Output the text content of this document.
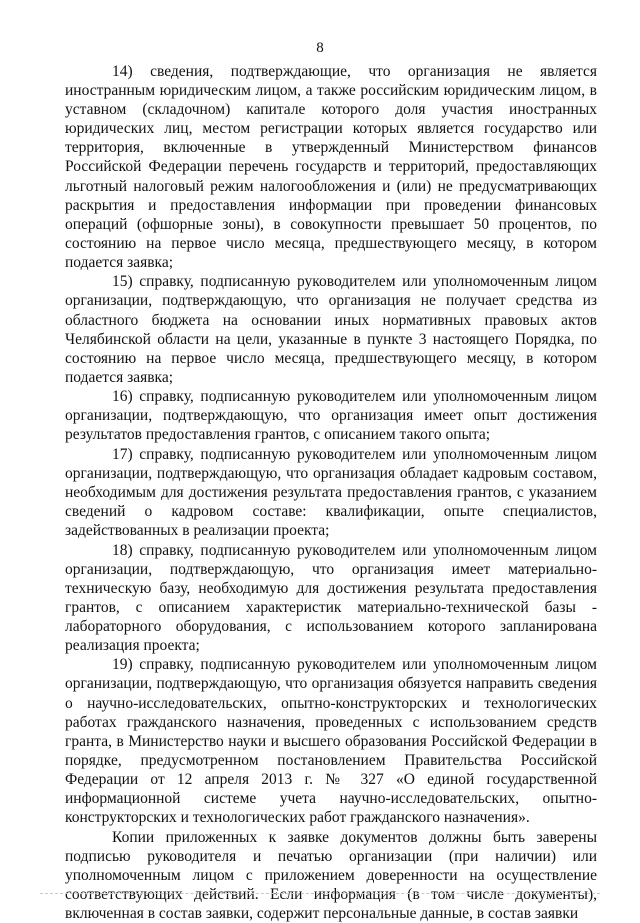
8

14) сведения, подтверждающие, что организация не является иностранным юридическим лицом, а также российским юридическим лицом, в уставном (складочном) капитале которого доля участия иностранных юридических лиц, местом регистрации которых является государство или территория, включенные в утвержденный Министерством финансов Российской Федерации перечень государств и территорий, предоставляющих льготный налоговый режим налогообложения и (или) не предусматривающих раскрытия и предоставления информации при проведении финансовых операций (офшорные зоны), в совокупности превышает 50 процентов, по состоянию на первое число месяца, предшествующего месяцу, в котором подается заявка;

15) справку, подписанную руководителем или уполномоченным лицом организации, подтверждающую, что организация не получает средства из областного бюджета на основании иных нормативных правовых актов Челябинской области на цели, указанные в пункте 3 настоящего Порядка, по состоянию на первое число месяца, предшествующего месяцу, в котором подается заявка;

16) справку, подписанную руководителем или уполномоченным лицом организации, подтверждающую, что организация имеет опыт достижения результатов предоставления грантов, с описанием такого опыта;

17) справку, подписанную руководителем или уполномоченным лицом организации, подтверждающую, что организация обладает кадровым составом, необходимым для достижения результата предоставления грантов, с указанием сведений о кадровом составе: квалификации, опыте специалистов, задействованных в реализации проекта;

18) справку, подписанную руководителем или уполномоченным лицом организации, подтверждающую, что организация имеет материально-техническую базу, необходимую для достижения результата предоставления грантов, с описанием характеристик материально-технической базы - лабораторного оборудования, с использованием которого запланирована реализация проекта;

19) справку, подписанную руководителем или уполномоченным лицом организации, подтверждающую, что организация обязуется направить сведения о научно-исследовательских, опытно-конструкторских и технологических работах гражданского назначения, проведенных с использованием средств гранта, в Министерство науки и высшего образования Российской Федерации в порядке, предусмотренном постановлением Правительства Российской Федерации от 12 апреля 2013 г. № 327 «О единой государственной информационной системе учета научно-исследовательских, опытно-конструкторских и технологических работ гражданского назначения».

Копии приложенных к заявке документов должны быть заверены подписью руководителя и печатью организации (при наличии) или уполномоченным лицом с приложением доверенности на осуществление соответствующих действий. Если информация (в том числе документы), включенная в состав заявки, содержит персональные данные, в состав заявки
